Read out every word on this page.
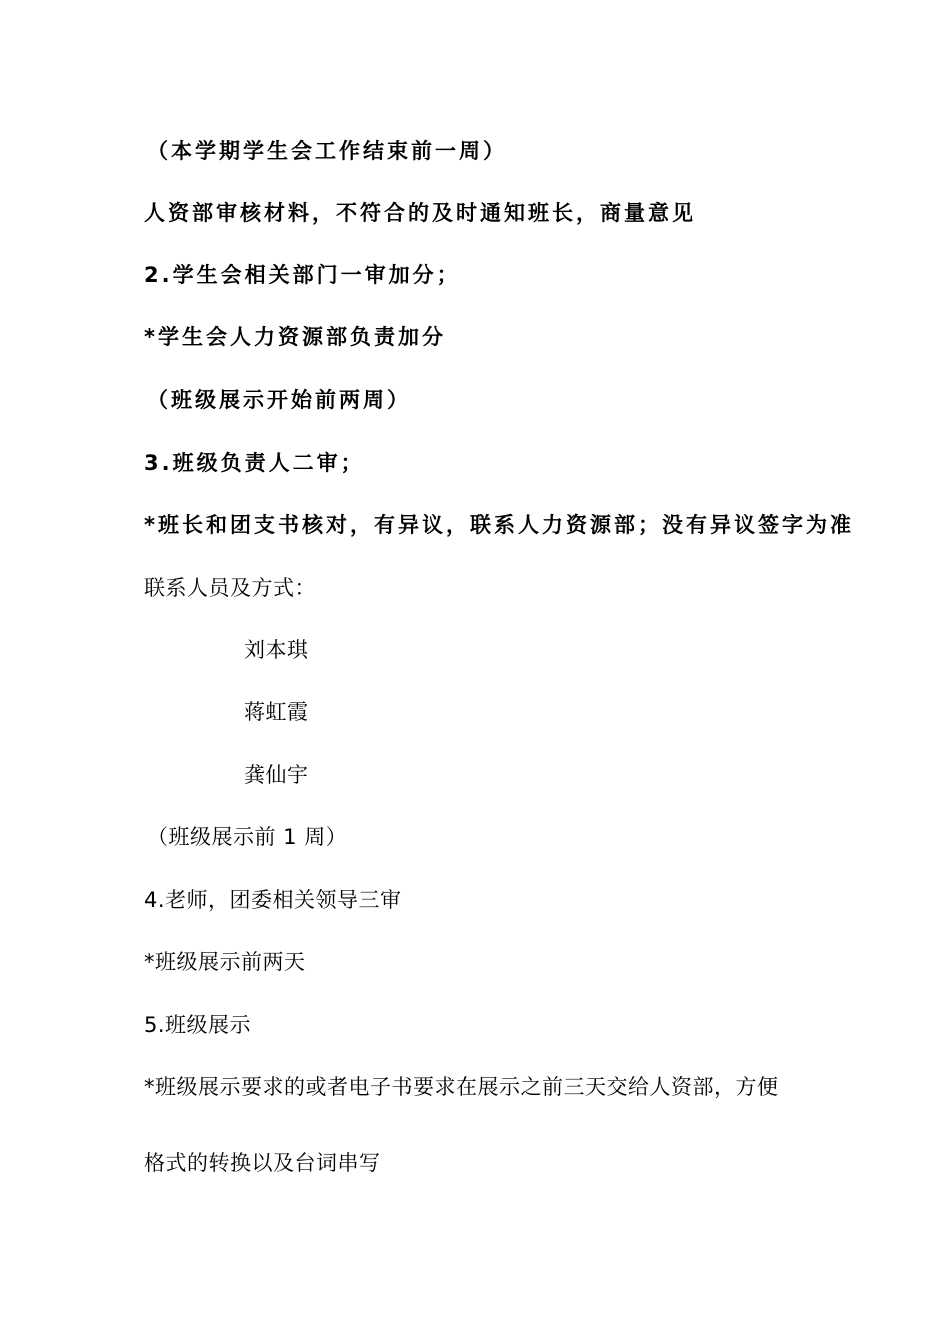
（本学期学生会工作结束前一周）
人资部审核材料，不符合的及时通知班长，商量意见
2.学生会相关部门一审加分；
*学生会人力资源部负责加分
（班级展示开始前两周）
3.班级负责人二审；
*班长和团支书核对，有异议，联系人力资源部；没有异议签字为准
联系人员及方式：
刘本琪
蒋虹霞
龚仙宇
（班级展示前 1 周）
4.老师，团委相关领导三审
*班级展示前两天
5.班级展示
*班级展示要求的或者电子书要求在展示之前三天交给人资部，方便
格式的转换以及台词串写
